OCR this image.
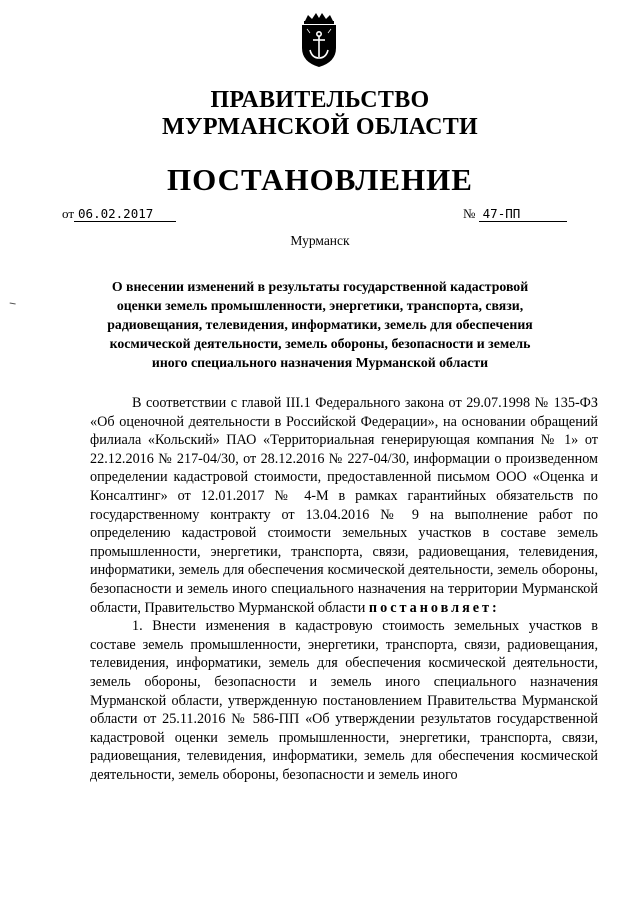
ПРАВИТЕЛЬСТВО
МУРМАНСКОЙ ОБЛАСТИ
ПОСТАНОВЛЕНИЕ
от 06.02.2017	№ 47-ПП
Мурманск
О внесении изменений в результаты государственной кадастровой оценки земель промышленности, энергетики, транспорта, связи, радиовещания, телевидения, информатики, земель для обеспечения космической деятельности, земель обороны, безопасности и земель иного специального назначения Мурманской области

В соответствии с главой III.1 Федерального закона от 29.07.1998 № 135-ФЗ «Об оценочной деятельности в Российской Федерации», на основании обращений филиала «Кольский» ПАО «Территориальная генерирующая компания № 1» от 22.12.2016 № 217-04/30, от 28.12.2016 № 227-04/30, информации о произведенном определении кадастровой стоимости, предоставленной письмом ООО «Оценка и Консалтинг» от 12.01.2017 № 4-М в рамках гарантийных обязательств по государственному контракту от 13.04.2016 № 9 на выполнение работ по определению кадастровой стоимости земельных участков в составе земель промышленности, энергетики, транспорта, связи, радиовещания, телевидения, информатики, земель для обеспечения космической деятельности, земель обороны, безопасности и земель иного специального назначения на территории Мурманской области, Правительство Мурманской области постановляет:

1. Внести изменения в кадастровую стоимость земельных участков в составе земель промышленности, энергетики, транспорта, связи, радиовещания, телевидения, информатики, земель для обеспечения космической деятельности, земель обороны, безопасности и земель иного специального назначения Мурманской области, утвержденную постановлением Правительства Мурманской области от 25.11.2016 № 586-ПП «Об утверждении результатов государственной кадастровой оценки земель промышленности, энергетики, транспорта, связи, радиовещания, телевидения, информатики, земель для обеспечения космической деятельности, земель обороны, безопасности и земель иного
